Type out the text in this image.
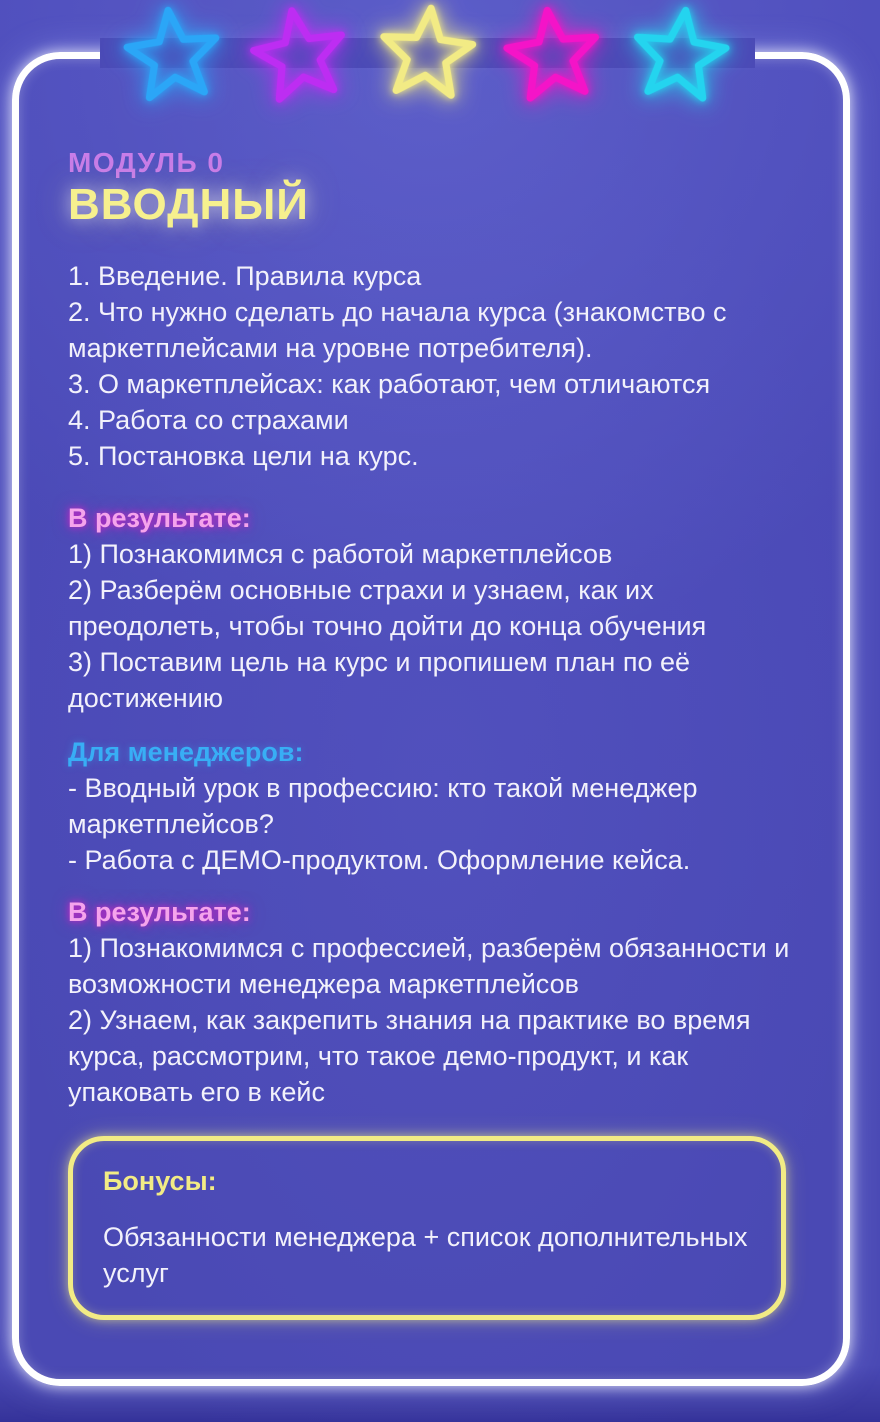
МОДУЛЬ 0

ВВОДНЫЙ

1. Введение. Правила курса

2. Что нужно сделать до начала курса (знакомство с маркетплейсами на уровне потребителя).

3. О маркетплейсах: как работают, чем отличаются

4. Работа со страхами

5. Постановка цели на курс.

В результате:

1) Познакомимся с работой маркетплейсов

2) Разберём основные страхи и узнаем, как их преодолеть, чтобы точно дойти до конца обучения

3) Поставим цель на курс и пропишем план по её достижению

Для менеджеров:

- Вводный урок в профессию: кто такой менеджер маркетплейсов?

- Работа с ДЕМО-продуктом. Оформление кейса.

В результате:

1) Познакомимся с профессией, разберём обязанности и возможности менеджера маркетплейсов

2) Узнаем, как закрепить знания на практике во время курса, рассмотрим, что такое демо-продукт, и как упаковать его в кейс

Бонусы:

Обязанности менеджера + список дополнительных услуг
